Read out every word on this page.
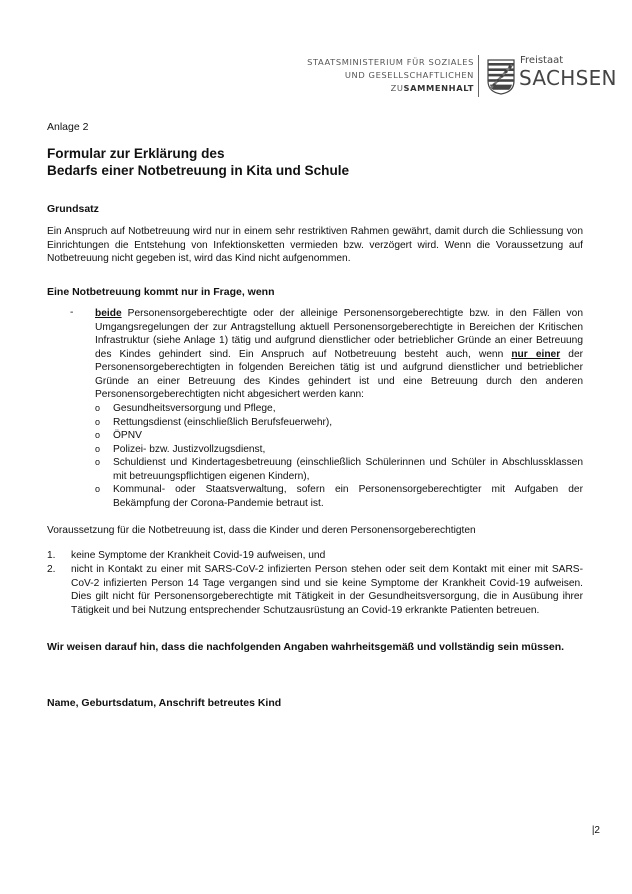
STAATSMINISTERIUM FÜR SOZIALES
UND GESELLSCHAFTLICHEN
ZUSAMMENHALT
Freistaat
SACHSEN
Anlage 2
Formular zur Erklärung des
Bedarfs einer Notbetreuung in Kita und Schule
Grundsatz
Ein Anspruch auf Notbetreuung wird nur in einem sehr restriktiven Rahmen gewährt, damit durch die Schliessung von Einrichtungen die Entstehung von Infektionsketten vermieden bzw. verzögert wird. Wenn die Voraussetzung auf Notbetreuung nicht gegeben ist, wird das Kind nicht aufgenommen.
Eine Notbetreuung kommt nur in Frage, wenn
- beide Personensorgeberechtigte oder der alleinige Personensorgeberechtigte bzw. in den Fällen von Umgangsregelungen der zur Antragstellung aktuell Personensorgeberechtigte in Bereichen der Kritischen Infrastruktur (siehe Anlage 1) tätig und aufgrund dienstlicher oder betrieblicher Gründe an einer Betreuung des Kindes gehindert sind. Ein Anspruch auf Notbetreuung besteht auch, wenn nur einer der Personensorgeberechtigten in folgenden Bereichen tätig ist und aufgrund dienstlicher und betrieblicher Gründe an einer Betreuung des Kindes gehindert ist und eine Betreuung durch den anderen Personensorgeberechtigten nicht abgesichert werden kann:
o Gesundheitsversorgung und Pflege,
o Rettungsdienst (einschließlich Berufsfeuerwehr),
o ÖPNV
o Polizei- bzw. Justizvollzugsdienst,
o Schuldienst und Kindertagesbetreuung (einschließlich Schülerinnen und Schüler in Abschlussklassen mit betreuungspflichtigen eigenen Kindern),
o Kommunal- oder Staatsverwaltung, sofern ein Personensorgeberechtigter mit Aufgaben der Bekämpfung der Corona-Pandemie betraut ist.
Voraussetzung für die Notbetreuung ist, dass die Kinder und deren Personensorgeberechtigten
1. keine Symptome der Krankheit Covid-19 aufweisen, und
2. nicht in Kontakt zu einer mit SARS-CoV-2 infizierten Person stehen oder seit dem Kontakt mit einer mit SARS-CoV-2 infizierten Person 14 Tage vergangen sind und sie keine Symptome der Krankheit Covid-19 aufweisen. Dies gilt nicht für Personensorgeberechtigte mit Tätigkeit in der Gesundheitsversorgung, die in Ausübung ihrer Tätigkeit und bei Nutzung entsprechender Schutzausrüstung an Covid-19 erkrankte Patienten betreuen.
Wir weisen darauf hin, dass die nachfolgenden Angaben wahrheitsgemäß und vollständig sein müssen.
Name, Geburtsdatum, Anschrift betreutes Kind
|2
